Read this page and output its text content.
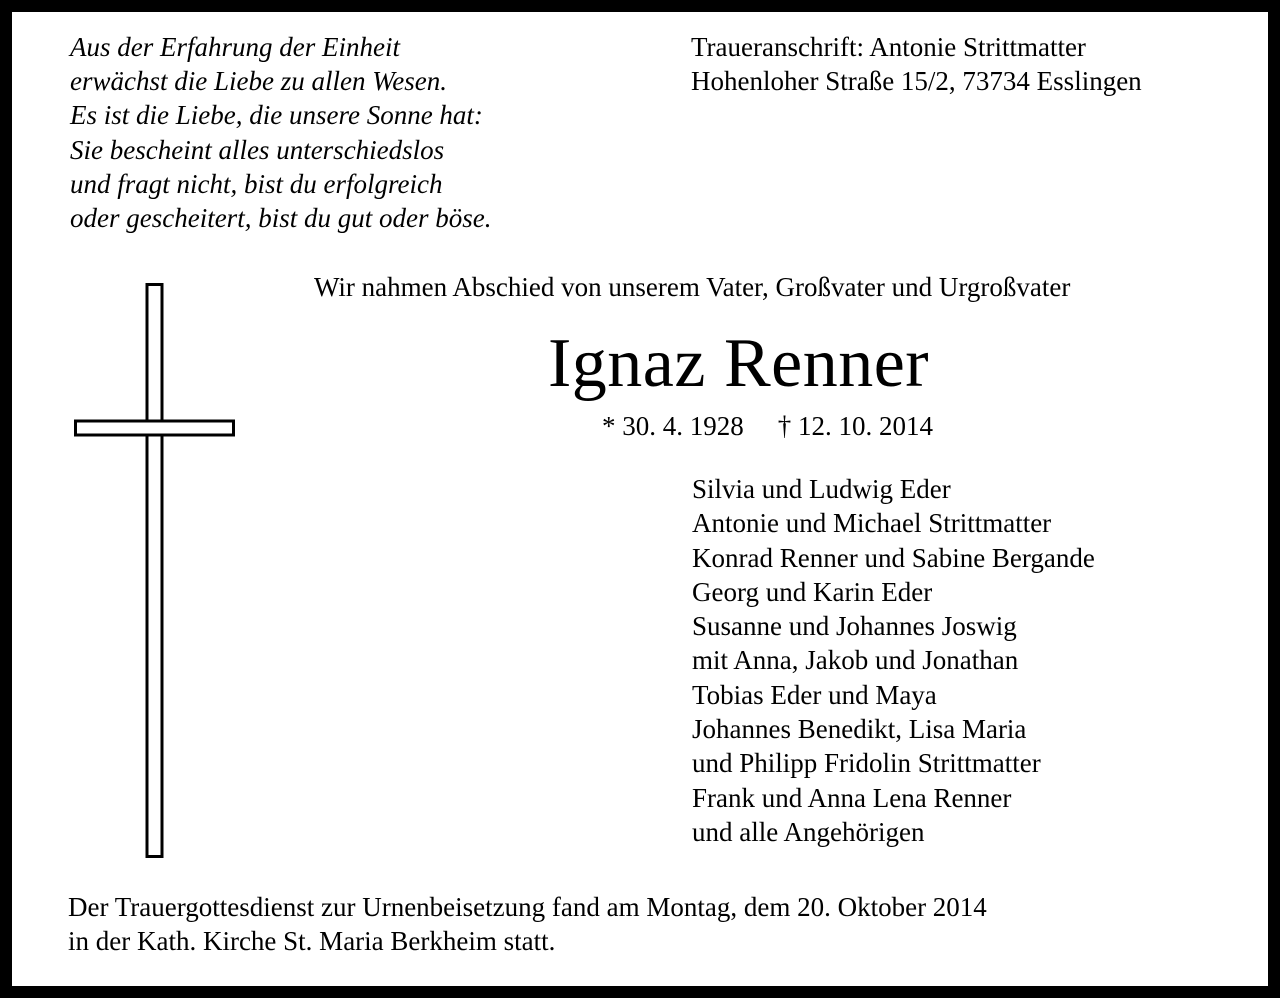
Aus der Erfahrung der Einheit
erwächst die Liebe zu allen Wesen.
Es ist die Liebe, die unsere Sonne hat:
Sie bescheint alles unterschiedslos
und fragt nicht, bist du erfolgreich
oder gescheitert, bist du gut oder böse.
Traueranschrift: Antonie Strittmatter
Hohenloher Straße 15/2, 73734 Esslingen
Wir nahmen Abschied von unserem Vater, Großvater und Urgroßvater
Ignaz Renner
* 30. 4. 1928 † 12. 10. 2014
Silvia und Ludwig Eder
Antonie und Michael Strittmatter
Konrad Renner und Sabine Bergande
Georg und Karin Eder
Susanne und Johannes Joswig
mit Anna, Jakob und Jonathan
Tobias Eder und Maya
Johannes Benedikt, Lisa Maria
und Philipp Fridolin Strittmatter
Frank und Anna Lena Renner
und alle Angehörigen
Der Trauergottesdienst zur Urnenbeisetzung fand am Montag, dem 20. Oktober 2014
in der Kath. Kirche St. Maria Berkheim statt.
